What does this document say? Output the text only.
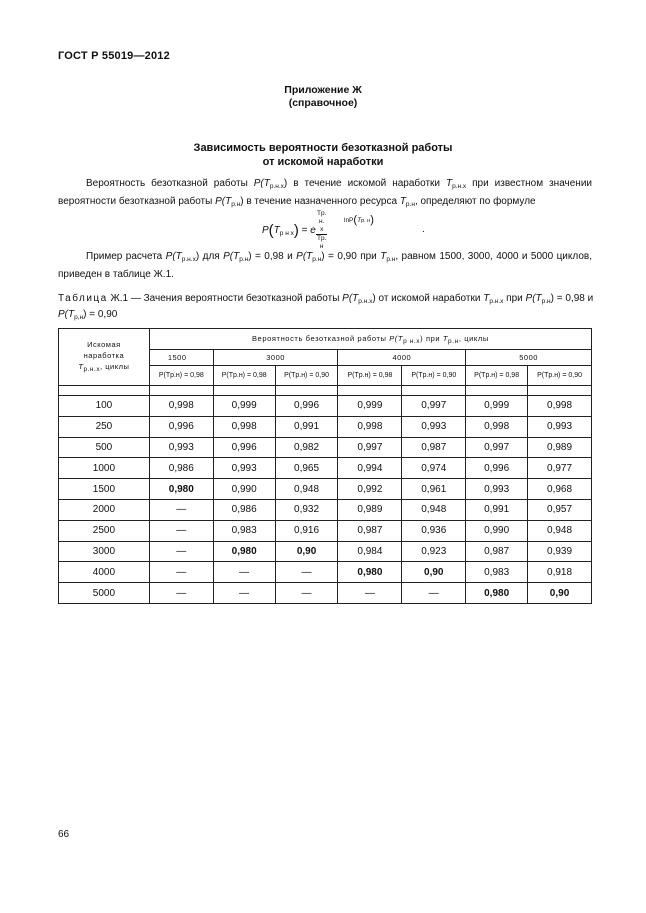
ГОСТ Р 55019—2012
Приложение Ж
(справочное)
Зависимость вероятности безотказной работы
от искомой наработки
Вероятность безотказной работы $P(T_{р.н.х})$ в течение искомой наработки $T_{р.н.х}$ при известном значении вероятности безотказной работы $P(T_{р.н})$ в течение назначенного ресурса $T_{р.н}$, определяют по формуле
$P(T_{р н х}) = e$
Tр. н. х
Tр. н
lnP(Tр. н)
.
Пример расчета $P(T_{р.н.х})$ для $P(T_{р.н}) = 0,98$ и $P(T_{р.н}) = 0,90$ при $T_{р.н}$, равном 1500, 3000, 4000 и 5000 циклов, приведен в таблице Ж.1.
Таблица Ж.1 — Зачения вероятности безотказной работы $P(T_{р.н.х})$ от искомой наработки $T_{р.н.х}$ при $P(T_{р.н}) = 0,98$ и $P(T_{р,н}) = 0,90$
Искомая
наработка
$T_{р.н.х}$, циклы	Вероятность безотказной работы $P(T_{р н.х})$ при $T_{р.н}$, циклы						
	1500	3000		4000		5000	
	P(Tр.н) = 0,98	P(Tр.н) = 0,98	P(Tр.н) = 0,90	P(Tр.н) = 0,98	P(Tр.н) = 0,90	P(Tр.н) = 0,98	P(Tр.н) = 0,90

100	0,998	0,999	0,996	0,999	0,997	0,999	0,998
250	0,996	0,998	0,991	0,998	0,993	0,998	0,993
500	0,993	0,996	0,982	0,997	0,987	0,997	0,989
1000	0,986	0,993	0,965	0,994	0,974	0,996	0,977
1500	0,980	0,990	0,948	0,992	0,961	0,993	0,968
2000	—	0,986	0,932	0,989	0,948	0,991	0,957
2500	—	0,983	0,916	0,987	0,936	0,990	0,948
3000	—	0,980	0,90	0,984	0,923	0,987	0,939
4000	—	—	—	0,980	0,90	0,983	0,918
5000	—	—	—	—	—	0,980	0,90
66
